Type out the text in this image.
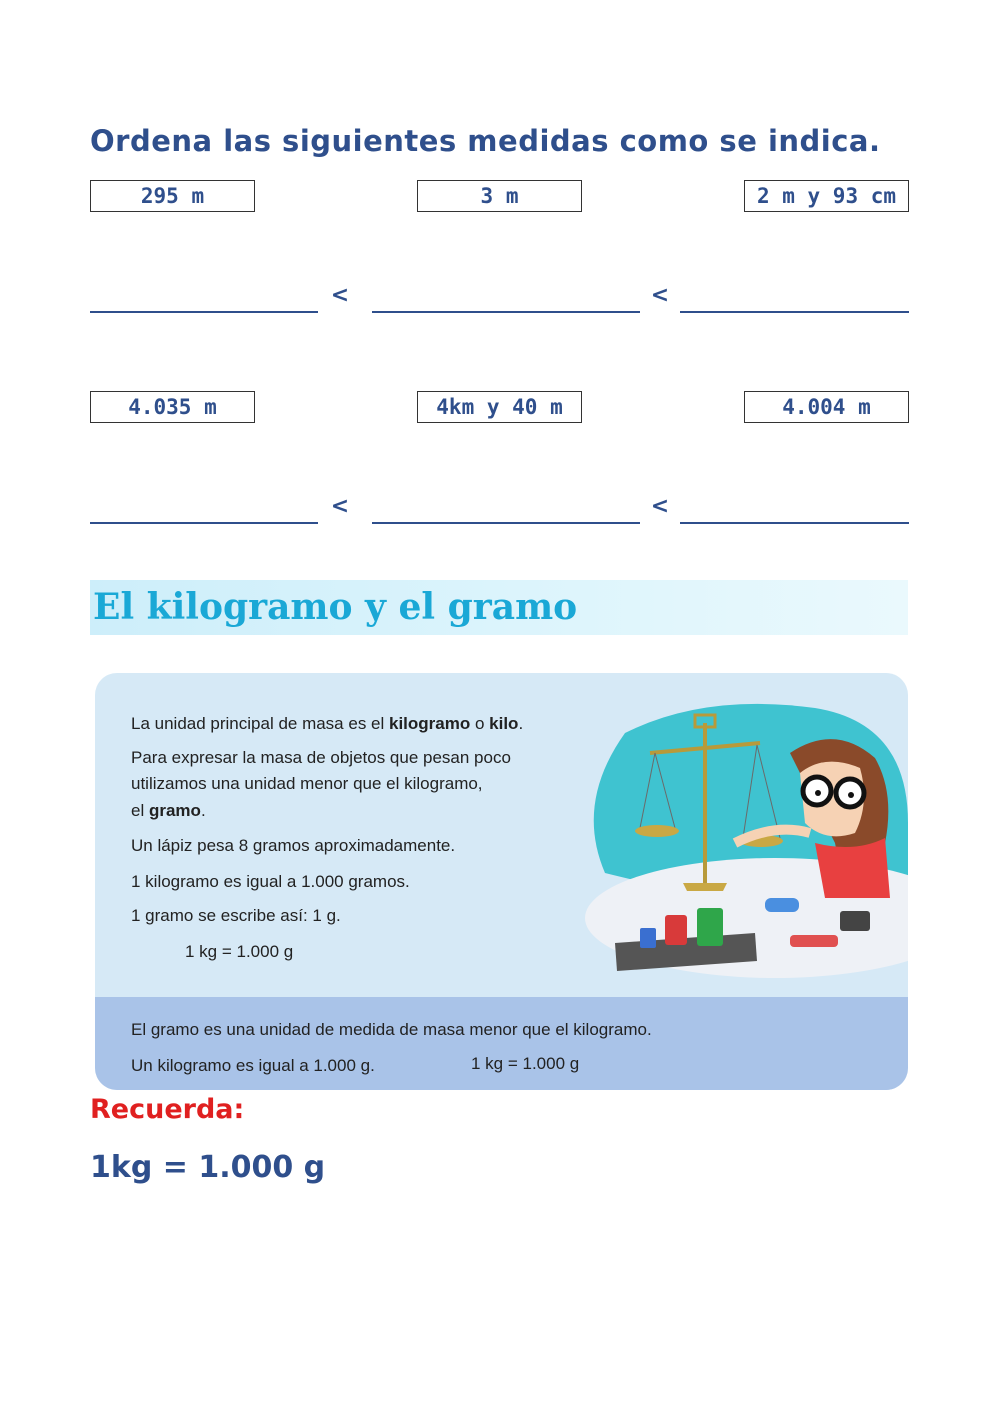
Ordena las siguientes medidas como se indica.
295 m	3 m	2 m y 93 cm
<	<
4.035 m	4km y 40 m	4.004 m
<	<
El kilogramo y el gramo
La unidad principal de masa es el kilogramo o kilo.
Para expresar la masa de objetos que pesan poco
utilizamos una unidad menor que el kilogramo,
el gramo.
Un lápiz pesa 8 gramos aproximadamente.
1 kilogramo es igual a 1.000 gramos.
1 gramo se escribe así: 1 g.
1 kg = 1.000 g
El gramo es una unidad de medida de masa menor que el kilogramo.
Un kilogramo es igual a 1.000 g.	1 kg = 1.000 g
Recuerda:
1kg = 1.000 g
